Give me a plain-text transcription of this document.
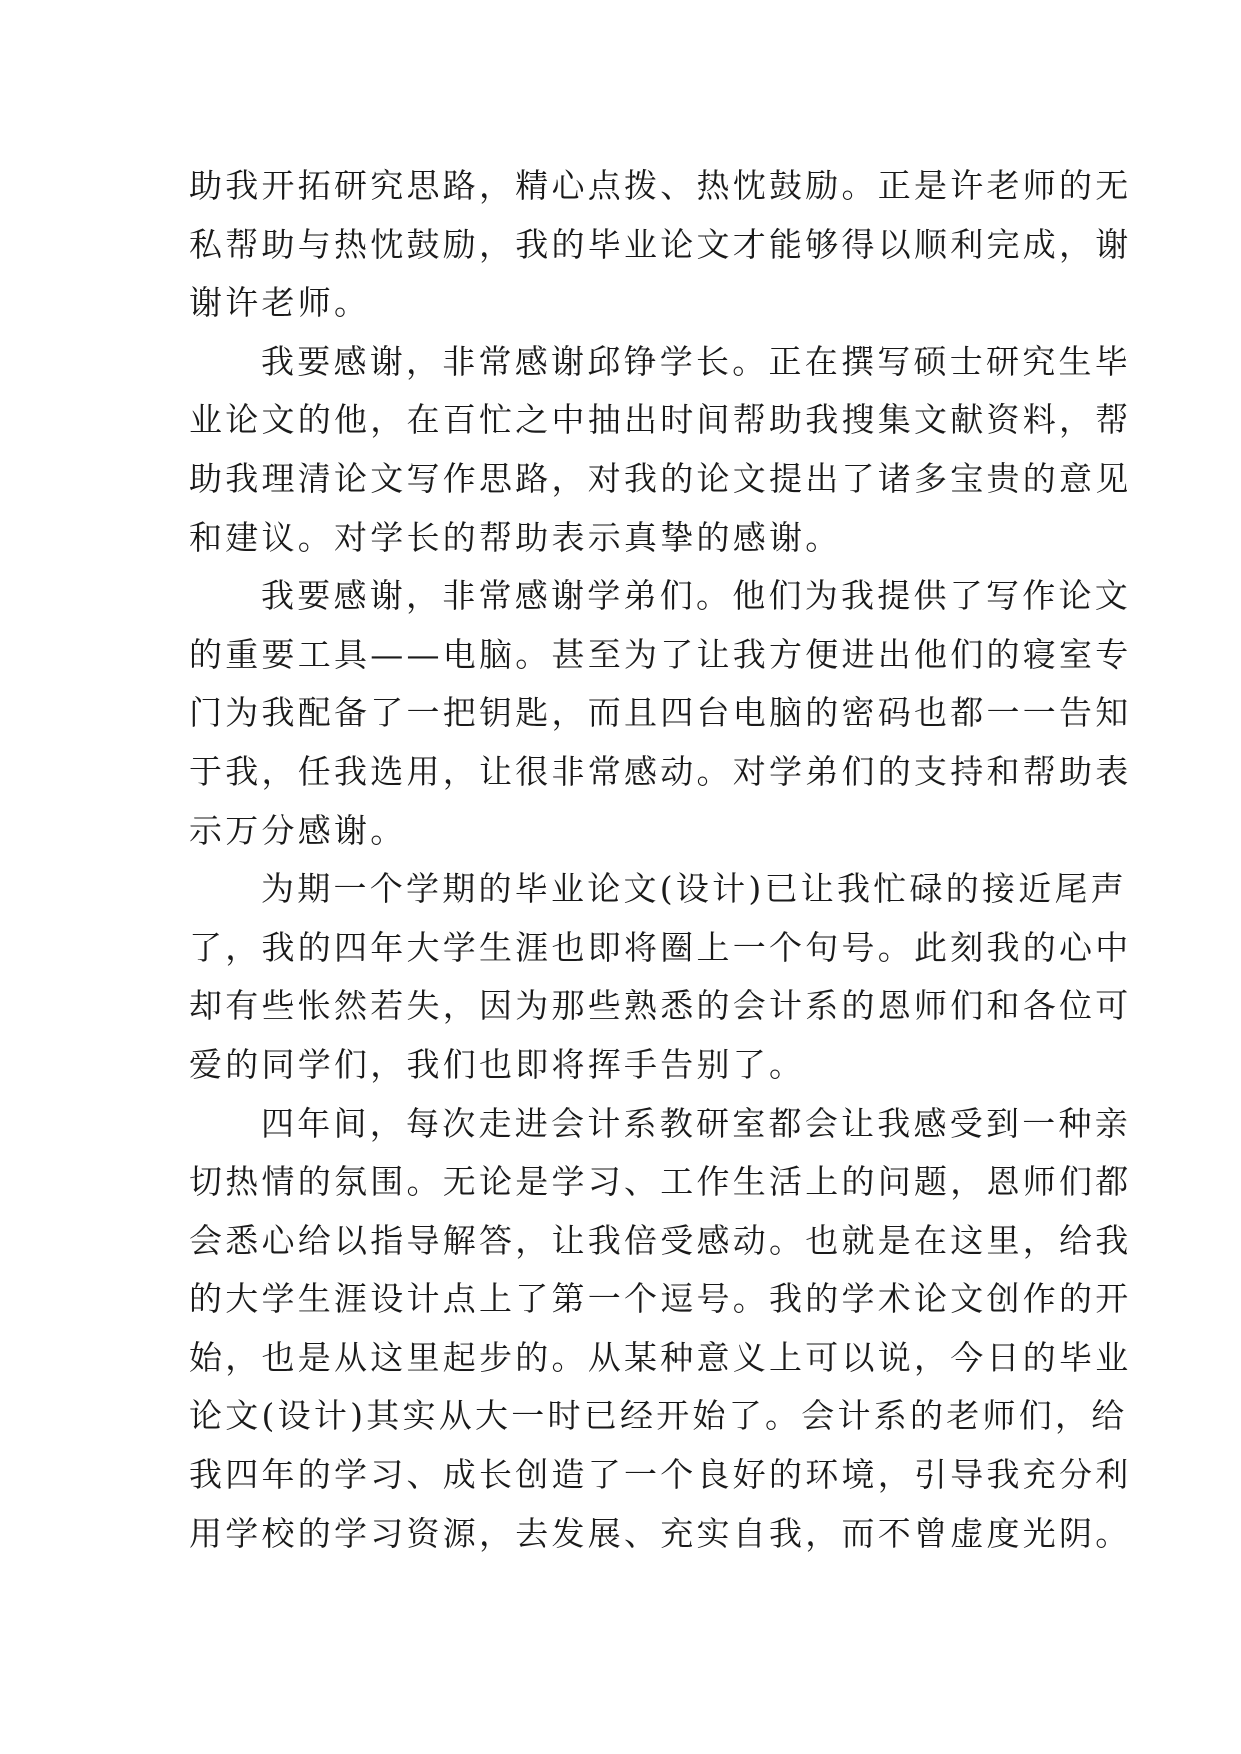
助我开拓研究思路，精心点拨、热忱鼓励。正是许老师的无
私帮助与热忱鼓励，我的毕业论文才能够得以顺利完成，谢
谢许老师。
我要感谢，非常感谢邱铮学长。正在撰写硕士研究生毕
业论文的他，在百忙之中抽出时间帮助我搜集文献资料，帮
助我理清论文写作思路，对我的论文提出了诸多宝贵的意见
和建议。对学长的帮助表示真挚的感谢。
我要感谢，非常感谢学弟们。他们为我提供了写作论文
的重要工具——电脑。甚至为了让我方便进出他们的寝室专
门为我配备了一把钥匙，而且四台电脑的密码也都一一告知
于我，任我选用，让很非常感动。对学弟们的支持和帮助表
示万分感谢。
为期一个学期的毕业论文(设计)已让我忙碌的接近尾声
了，我的四年大学生涯也即将圈上一个句号。此刻我的心中
却有些怅然若失，因为那些熟悉的会计系的恩师们和各位可
爱的同学们，我们也即将挥手告别了。
四年间，每次走进会计系教研室都会让我感受到一种亲
切热情的氛围。无论是学习、工作生活上的问题，恩师们都
会悉心给以指导解答，让我倍受感动。也就是在这里，给我
的大学生涯设计点上了第一个逗号。我的学术论文创作的开
始，也是从这里起步的。从某种意义上可以说，今日的毕业
论文(设计)其实从大一时已经开始了。会计系的老师们，给
我四年的学习、成长创造了一个良好的环境，引导我充分利
用学校的学习资源，去发展、充实自我，而不曾虚度光阴。
